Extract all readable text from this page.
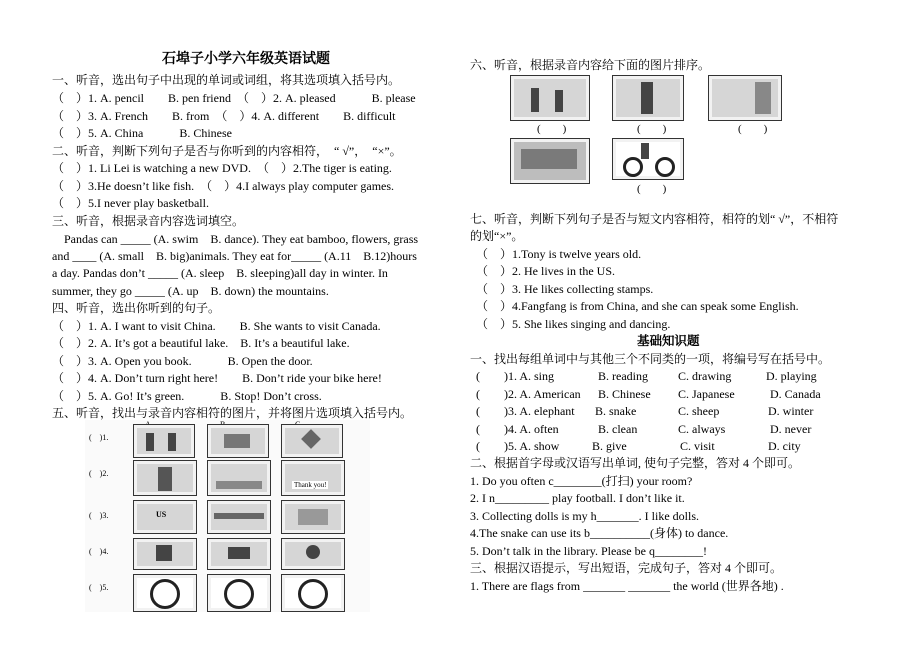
石埠子小学六年级英语试题
一、听音，选出句子中出现的单词或词组，将其选项填入括号内。
（　）1. A. pencil　　B. pen friend　（　）2. A. pleased　　　B. please
（　）3. A. French　　B. from　（　）4. A. different　　B. difficult
（　）5. A. China　　　B. Chinese
二、听音，判断下列句子是否与你听到的内容相符，　“ √”，　“×”。
（　）1. Li Lei is watching a new DVD.　（　）2.The tiger is eating.
（　）3.He doesn’t like fish.　（　）4.I always play computer games.
（　）5.I never play basketball.
三、听音，根据录音内容选词填空。
　Pandas can _____ (A. swim　B. dance). They eat bamboo, flowers, grass
and ____ (A. small　B. big)animals. They eat for_____ (A.11　B.12)hours
a day. Pandas don’t _____ (A. sleep　B. sleeping)all day in winter. In
summer, they go _____ (A. up　B. down) the mountains.
四、听音，选出你听到的句子。
（　）1. A. I want to visit China.　　B. She wants to visit Canada.
（　）2. A. It’s got a beautiful lake.　B. It’s a beautiful lake.
（　）3. A. Open you book.　　　B. Open the door.
（　）4. A. Don’t turn right here!　　B. Don’t ride your bike here!
（　）5. A. Go! It’s green.　　　B. Stop! Don’t cross.
五、听音，找出与录音内容相符的图片，并将图片选项填入括号内。
(　)1.
(　)2.
Thank you!
(　)3.	US
(　)4.
(　)5.
六、听音，根据录音内容给下面的图片排序。
(　　)	(　　)	(　　)
(　　)
七、听音，判断下列句子是否与短文内容相符，相符的划“ √”，不相符
的划“×”。
（　）1.Tony is twelve years old.
（　）2. He lives in the US.
（　）3. He likes collecting stamps.
（　）4.Fangfang is from China, and she can speak some English.
（　）5. She likes singing and dancing.
基础知识题
一、找出每组单词中与其他三个不同类的一项，将编号写在括号中。
(　　)1. A. sing	B. reading	C. drawing	D. playing
(　　)2. A. American B. Chinese C. Japanese	D. Canada
(　　)3. A. elephant B. snake	C. sheep	D. winter
(　　)4. A. often	B. clean	C. always	D. never
(　　)5. A. show	B. give	C. visit	D. city
二、根据首字母或汉语写出单词, 使句子完整，答对 4 个即可。
1. Do you often c________(打扫) your room?
2. I n_________ play football. I don’t like it.
3. Collecting dolls is my h_______. I like dolls.
4.The snake can use its b__________(身体) to dance.
5. Don’t talk in the library. Please be q________!
三、根据汉语提示，写出短语，完成句子，答对 4 个即可。
1. There are flags from _______ _______ the world (世界各地) .
